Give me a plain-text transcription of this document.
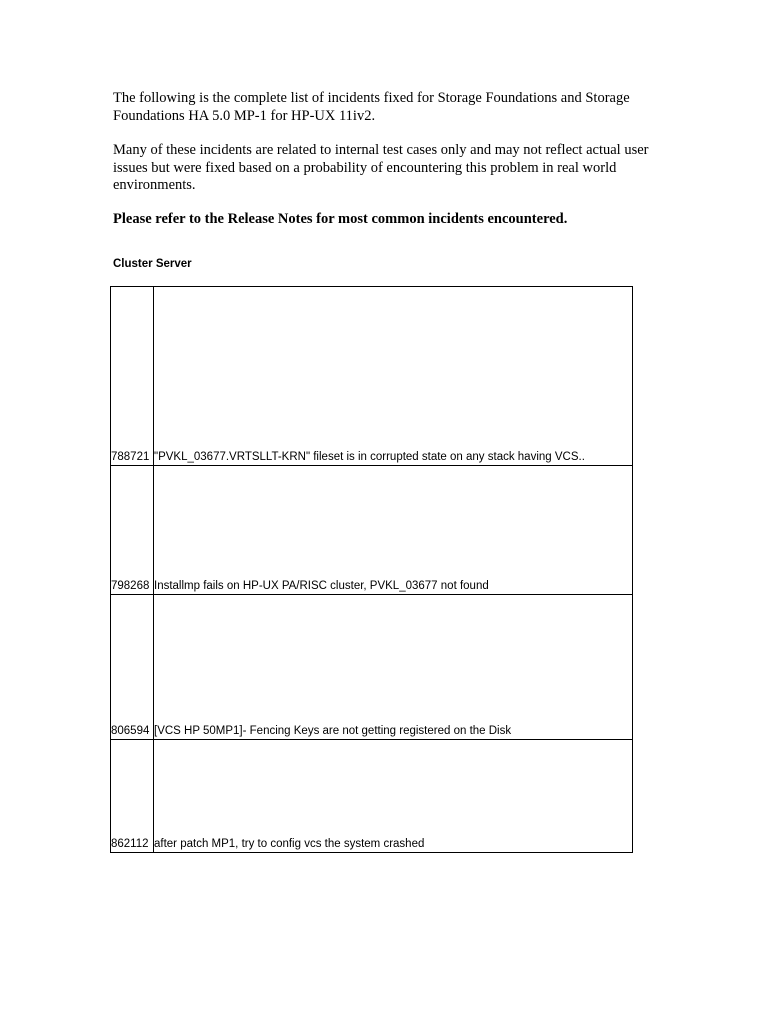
The following is the complete list of incidents fixed for Storage Foundations and Storage Foundations HA 5.0 MP-1 for HP-UX 11iv2.

Many of these incidents are related to internal test cases only and may not reflect actual user issues but were fixed based on a probability of encountering this problem in real world environments.

Please refer to the Release Notes for most common incidents encountered.

Cluster Server

788721	"PVKL_03677.VRTSLLT-KRN" fileset is in corrupted state on any stack having VCS..
798268	Installmp fails on HP-UX PA/RISC cluster, PVKL_03677 not found
806594	[VCS HP 50MP1]- Fencing Keys are not getting registered on the Disk
862112	after patch MP1, try to config vcs the system crashed
